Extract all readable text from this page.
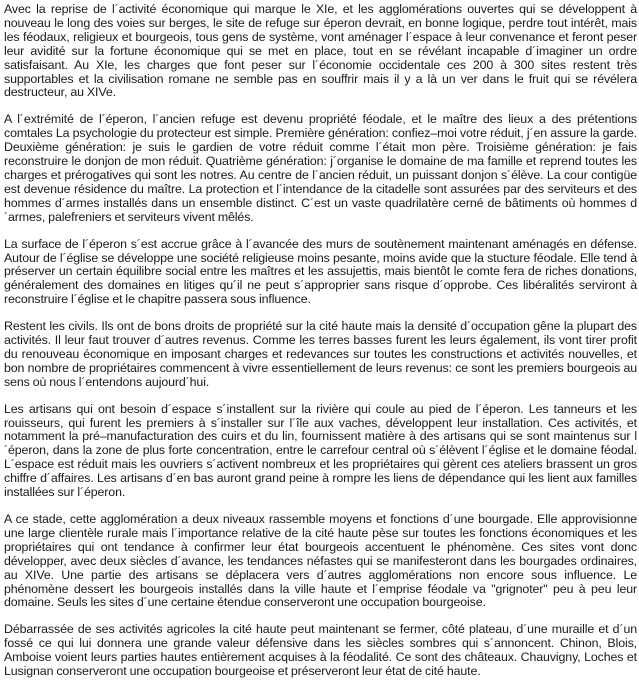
Avec la reprise de l´activité économique qui marque le XIe, et les agglomérations ouvertes qui se développent à nouveau le long des voies sur berges, le site de refuge sur éperon devrait, en bonne logique, perdre tout intérêt, mais les féodaux, religieux et bourgeois, tous gens de système, vont aménager l´espace à leur convenance et feront peser leur avidité sur la fortune économique qui se met en place, tout en se révélant incapable d´imaginer un ordre satisfaisant. Au XIe, les charges que font peser sur l´économie occidentale ces 200 à 300 sites restent très supportables et la civilisation romane ne semble pas en souffrir mais il y a là un ver dans le fruit qui se révélera destructeur, au XIVe.

A l´extrémité de l´éperon, l´ancien refuge est devenu propriété féodale, et le maître des lieux a des prétentions comtales La psychologie du protecteur est simple. Première génération: confiez–moi votre réduit, j´en assure la garde. Deuxième génération: je suis le gardien de votre réduit comme l´était mon père. Troisième génération: je fais reconstruire le donjon de mon réduit. Quatrième génération: j´organise le domaine de ma famille et reprend toutes les charges et prérogatives qui sont les notres. Au centre de l´ancien réduit, un puissant donjon s´élève. La cour contigüe est devenue résidence du maître. La protection et l´intendance de la citadelle sont assurées par des serviteurs et des hommes d´armes installés dans un ensemble distinct. C´est un vaste quadrilatère cerné de bâtiments où hommes d´armes, palefreniers et serviteurs vivent mêlés.

La surface de l´éperon s´est accrue grâce à l´avancée des murs de soutènement maintenant aménagés en défense. Autour de l´église se développe une société religieuse moins pesante, moins avide que la stucture féodale. Elle tend à préserver un certain équilibre social entre les maîtres et les assujettis, mais bientôt le comte fera de riches donations, généralement des domaines en litiges qu´il ne peut s´approprier sans risque d´opprobe. Ces libéralités serviront à reconstruire l´église et le chapitre passera sous influence.

Restent les civils. Ils ont de bons droits de propriété sur la cité haute mais la densité d´occupation gêne la plupart des activités. Il leur faut trouver d´autres revenus. Comme les terres basses furent les leurs également, ils vont tirer profit du renouveau économique en imposant charges et redevances sur toutes les constructions et activités nouvelles, et bon nombre de propriétaires commencent à vivre essentiellement de leurs revenus: ce sont les premiers bourgeois au sens où nous l´entendons aujourd´hui.

Les artisans qui ont besoin d´espace s´installent sur la rivière qui coule au pied de l´éperon. Les tanneurs et les rouisseurs, qui furent les premiers à s´installer sur l´île aux vaches, développent leur installation. Ces activités, et notamment la pré–manufacturation des cuirs et du lin, fournissent matière à des artisans qui se sont maintenus sur l´éperon, dans la zone de plus forte concentration, entre le carrefour central où s´élèvent l´église et le domaine féodal. L´espace est réduit mais les ouvriers s´activent nombreux et les propriétaires qui gèrent ces ateliers brassent un gros chiffre d´affaires. Les artisans d´en bas auront grand peine à rompre les liens de dépendance qui les lient aux familles installées sur l´éperon.

A ce stade, cette agglomération a deux niveaux rassemble moyens et fonctions d´une bourgade. Elle approvisionne une large clientèle rurale mais l´importance relative de la cité haute pèse sur toutes les fonctions économiques et les propriétaires qui ont tendance à confirmer leur état bourgeois accentuent le phénomène. Ces sites vont donc développer, avec deux siècles d´avance, les tendances néfastes qui se manifesteront dans les bourgades ordinaires, au XIVe. Une partie des artisans se déplacera vers d´autres agglomérations non encore sous influence. Le phénomène dessert les bourgeois installés dans la ville haute et l´emprise féodale va "grignoter" peu à peu leur domaine. Seuls les sites d´une certaine étendue conserveront une occupation bourgeoise.

Débarrassée de ses activités agricoles la cité haute peut maintenant se fermer, côté plateau, d´une muraille et d´un fossé ce qui lui donnera une grande valeur défensive dans les siècles sombres qui s´annoncent. Chinon, Blois, Amboise voient leurs parties hautes entièrement acquises à la féodalité. Ce sont des châteaux. Chauvigny, Loches et Lusignan conserveront une occupation bourgeoise et préserveront leur état de cité haute.
